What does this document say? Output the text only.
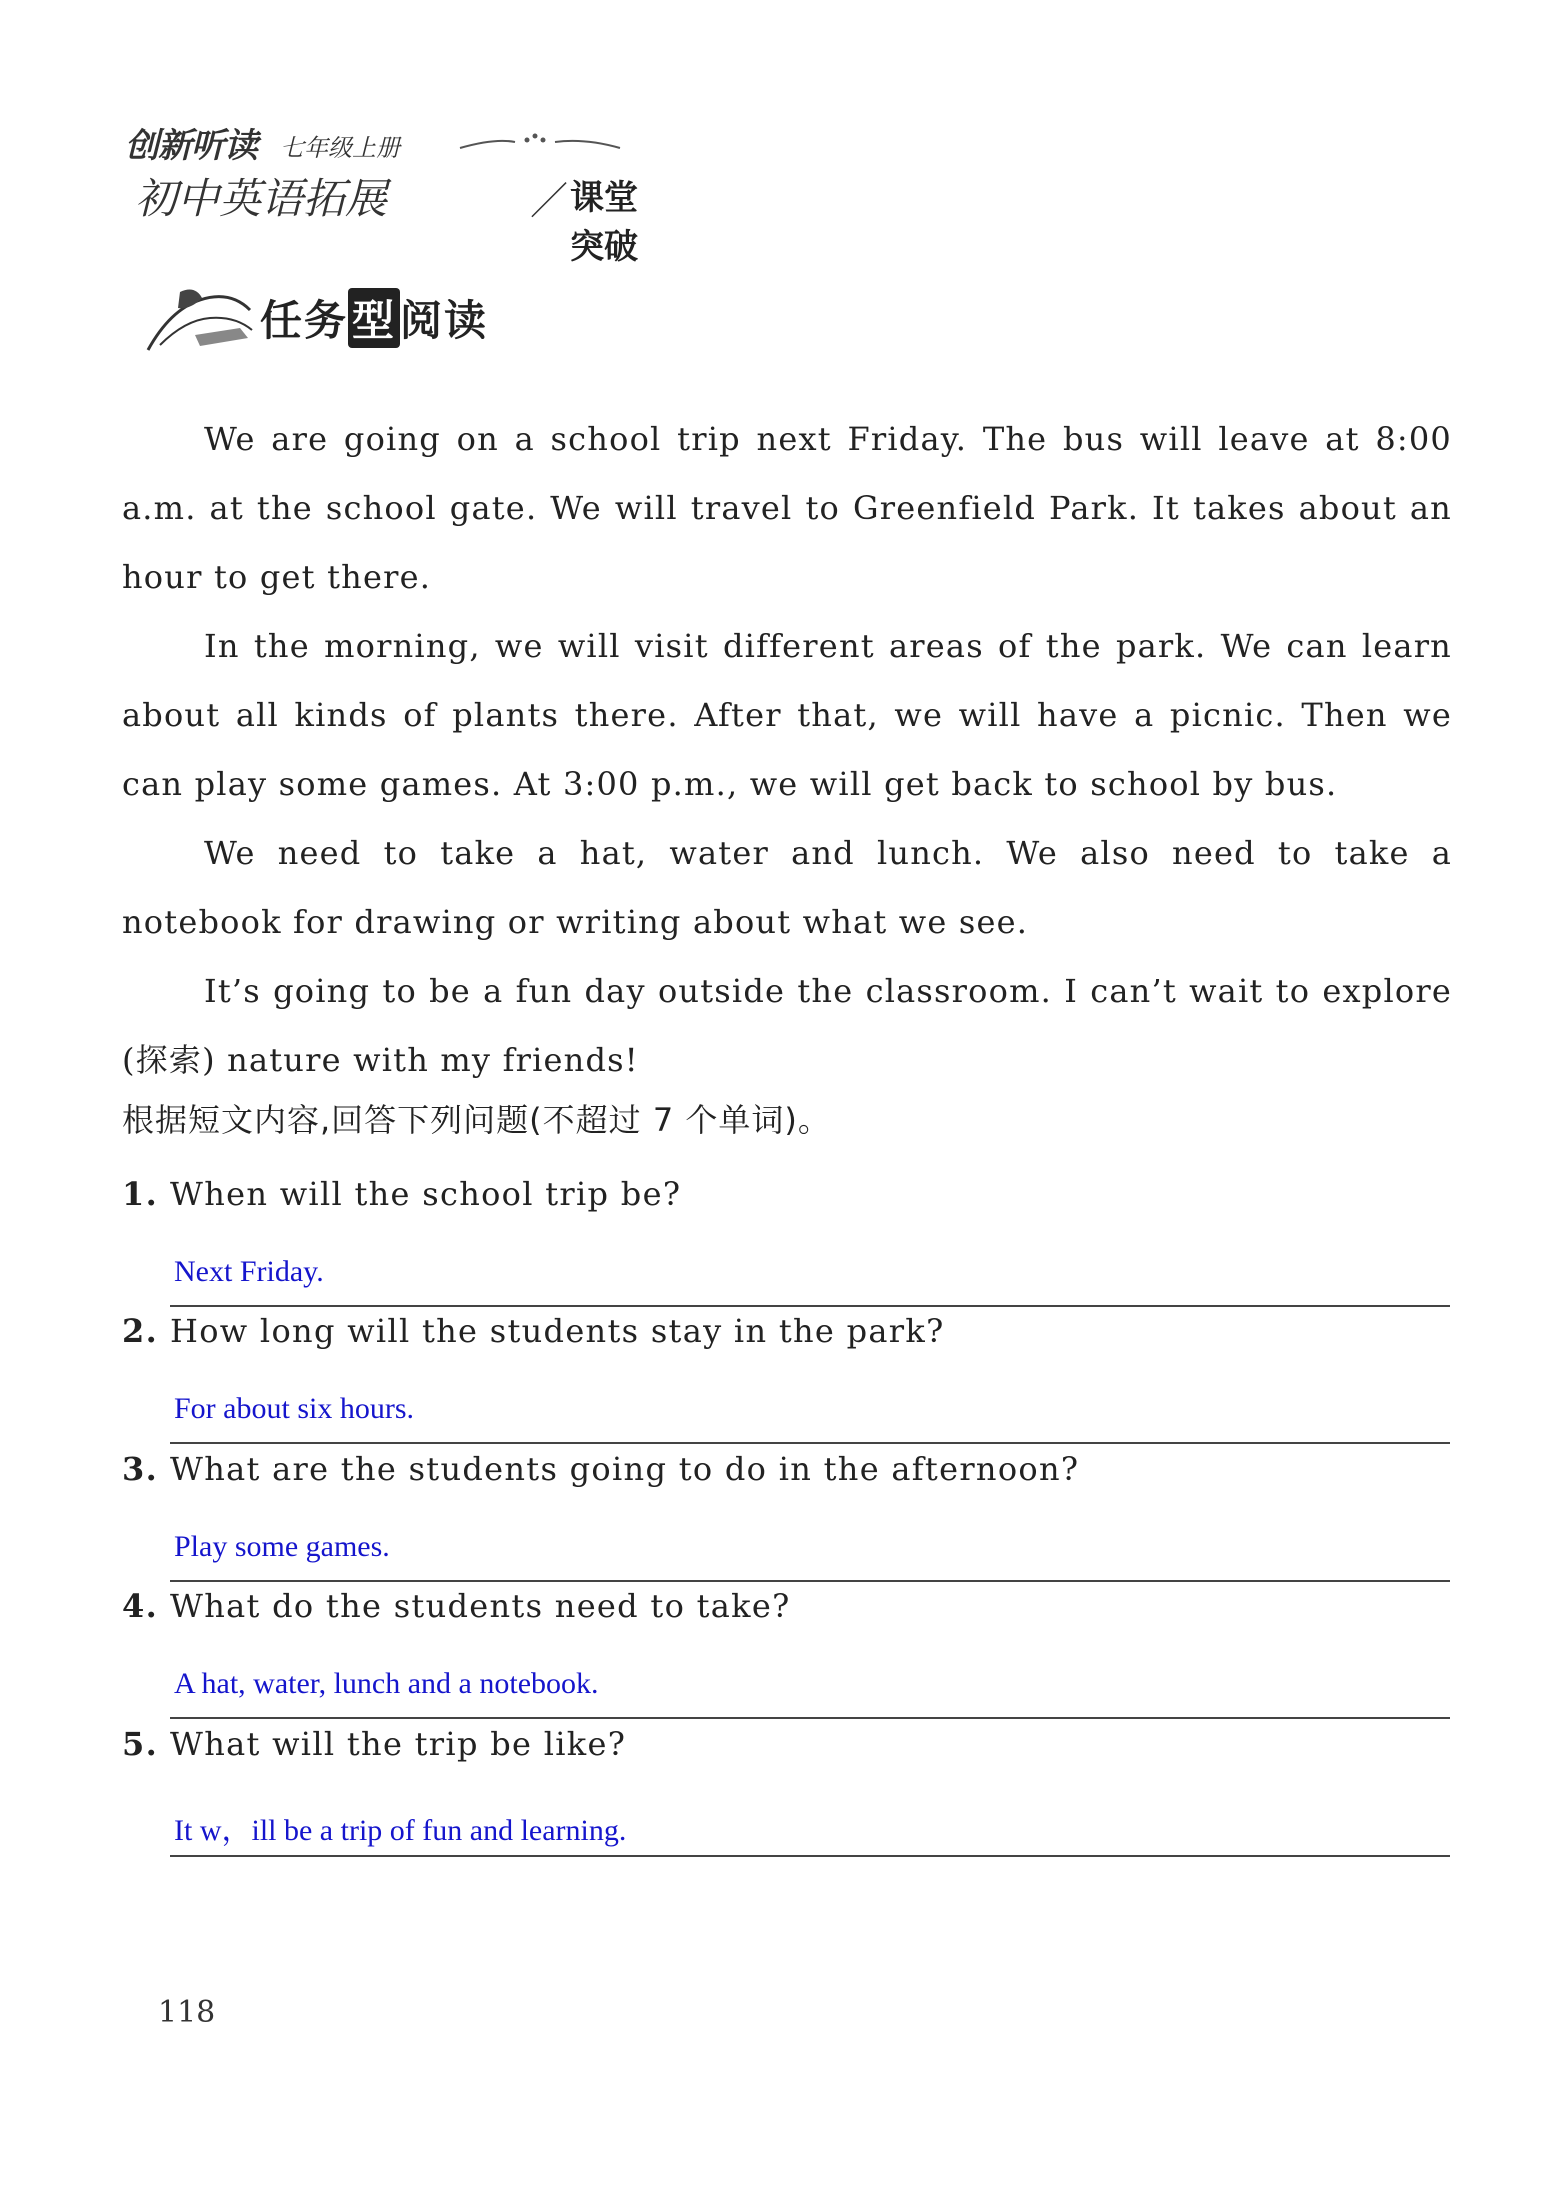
创新听读 七年级上册
初中英语拓展	／ 课堂突破
任务型阅读

We are going on a school trip next Friday. The bus will leave at 8:00 a.m. at the school gate. We will travel to Greenfield Park. It takes about an hour to get there.

In the morning, we will visit different areas of the park. We can learn about all kinds of plants there. After that, we will have a picnic. Then we can play some games. At 3:00 p.m., we will get back to school by bus.

We need to take a hat, water and lunch. We also need to take a notebook for drawing or writing about what we see.

It’s going to be a fun day outside the classroom. I can’t wait to explore (探索) nature with my friends!

根据短文内容,回答下列问题(不超过 7 个单词)。
1. When will the school trip be?
Next Friday.
2. How long will the students stay in the park?
For about six hours.
3. What are the students going to do in the afternoon?
Play some games.
4. What do the students need to take?
A hat, water, lunch and a notebook.
5. What will the trip be like?
It w，ill be a trip of fun and learning.
118
